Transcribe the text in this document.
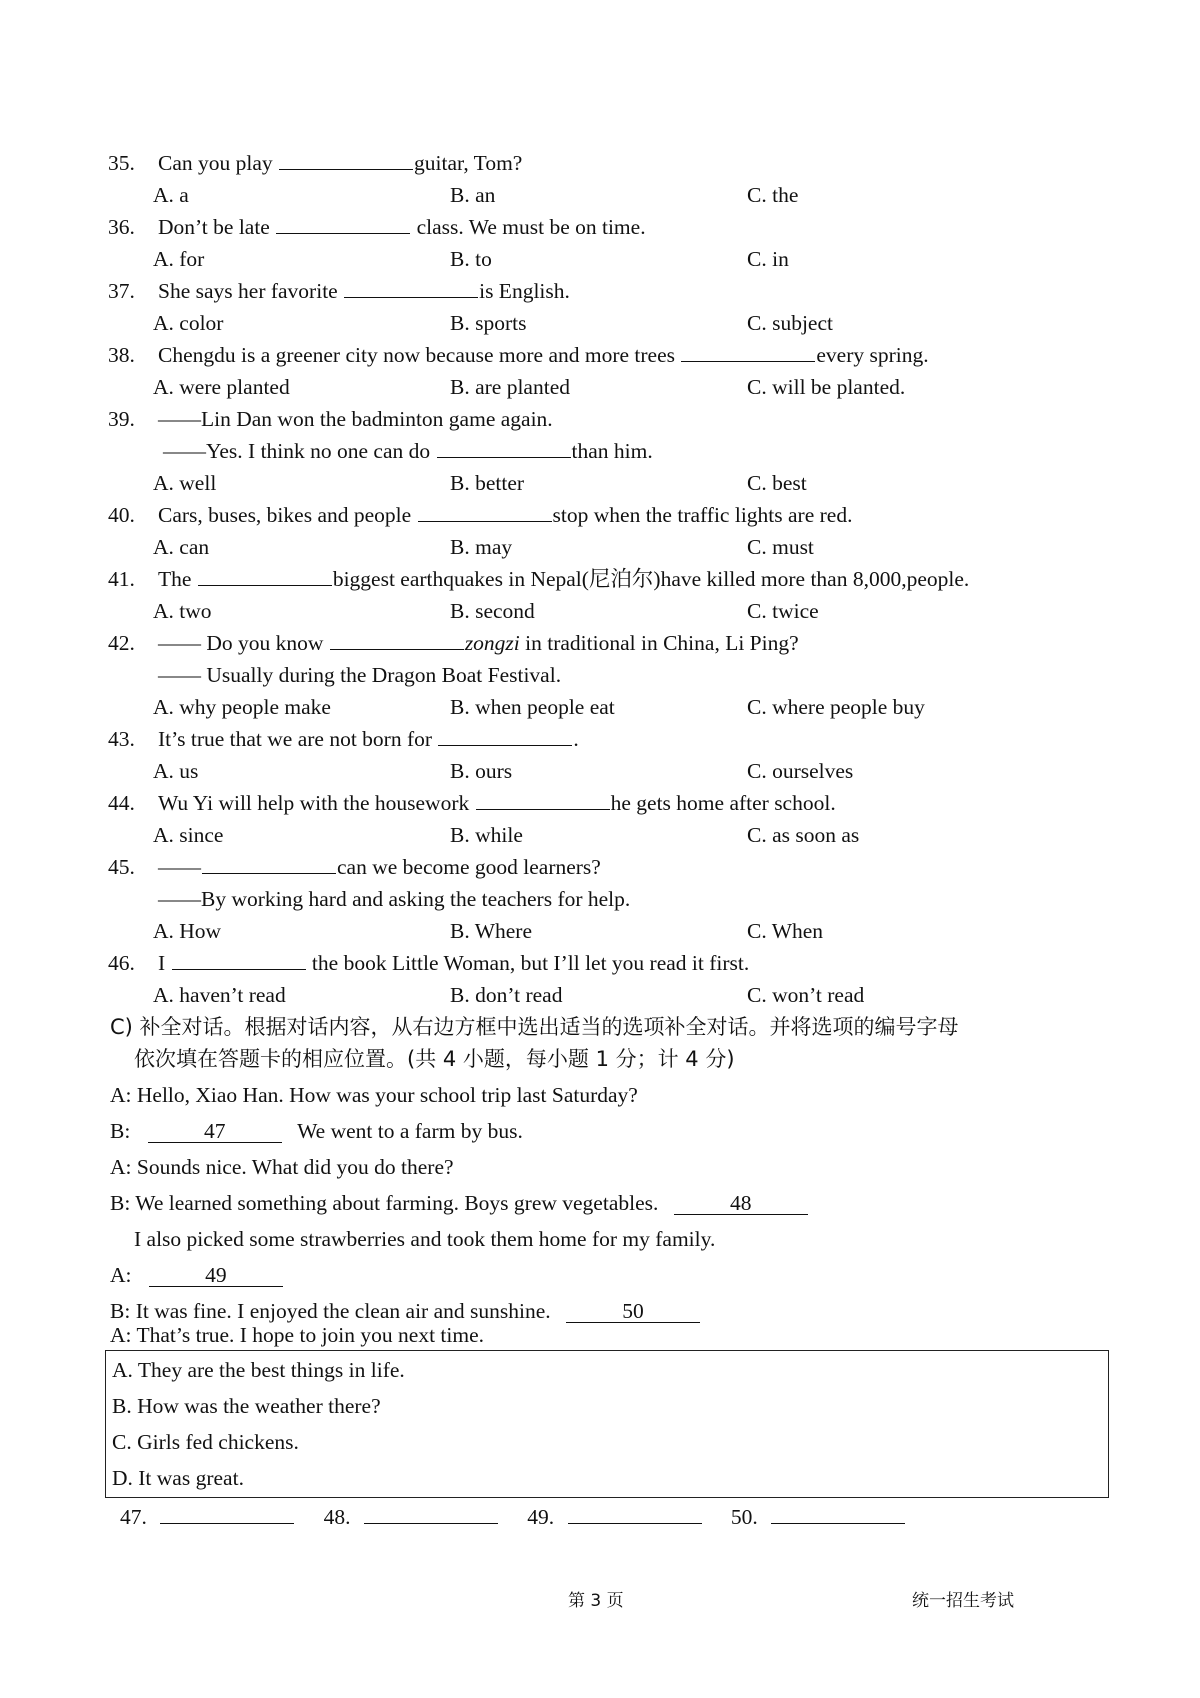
35. Can you play	guitar, Tom?
A. a	B. an	C. the
36. Don’t be late	class. We must be on time.
A. for	B. to	C. in
37. She says her favorite	is English.
A. color	B. sports	C. subject
38. Chengdu is a greener city now because more and more trees	every spring.
A. were planted	B. are planted	C. will be planted.
39. ——Lin Dan won the badminton game again.
——Yes. I think no one can do	than him.
A. well	B. better	C. best
40. Cars, buses, bikes and people	stop when the traffic lights are red.
A. can	B. may	C. must
41. The	biggest earthquakes in Nepal(尼泊尔)have killed more than 8,000,people.
A. two	B. second	C. twice
42. —— Do you know	zongzi in traditional in China, Li Ping?
—— Usually during the Dragon Boat Festival.
A. why people make	B. when people eat	C. where people buy
43. It’s true that we are not born for	.
A. us	B. ours	C. ourselves
44. Wu Yi will help with the housework	he gets home after school.
A. since	B. while	C. as soon as
45. ——	can we become good learners?
——By working hard and asking the teachers for help.
A. How	B. Where	C. When
46. I	the book Little Woman, but I’ll let you read it first.
A. haven’t read	B. don’t read	C. won’t read
C) 补全对话。根据对话内容，从右边方框中选出适当的选项补全对话。并将选项的编号字母
依次填在答题卡的相应位置。(共 4 小题，每小题 1 分；计 4 分)
A: Hello, Xiao Han. How was your school trip last Saturday?
B:	47	We went to a farm by bus.
A: Sounds nice. What did you do there?
B: We learned something about farming. Boys grew vegetables.	48
I also picked some strawberries and took them home for my family.
A:	49
B: It was fine. I enjoyed the clean air and sunshine.	50
A: That’s true. I hope to join you next time.
A. They are the best things in life.
B. How was the weather there?
C. Girls fed chickens.
D. It was great.
47.	48.	49.	50.
第 3 页	统一招生考试
